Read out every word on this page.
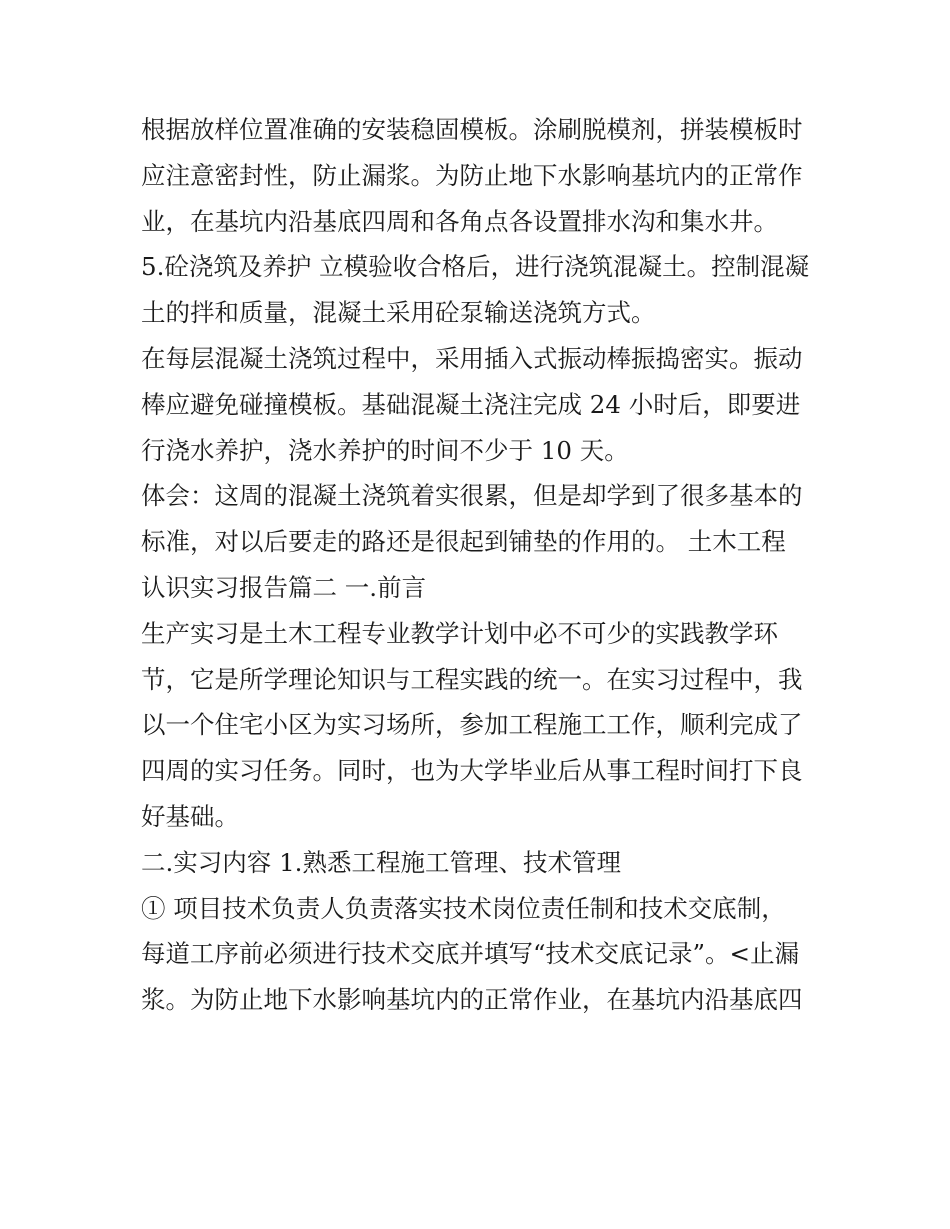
根据放样位置准确的安装稳固模板。涂刷脱模剂，拼装模板时
应注意密封性，防止漏浆。为防止地下水影响基坑内的正常作
业，在基坑内沿基底四周和各角点各设置排水沟和集水井。
5.砼浇筑及养护 立模验收合格后，进行浇筑混凝土。控制混凝
土的拌和质量，混凝土采用砼泵输送浇筑方式。
在每层混凝土浇筑过程中，采用插入式振动棒振捣密实。振动
棒应避免碰撞模板。基础混凝土浇注完成 24 小时后，即要进
行浇水养护，浇水养护的时间不少于 10 天。
体会：这周的混凝土浇筑着实很累，但是却学到了很多基本的
标准，对以后要走的路还是很起到铺垫的作用的。 土木工程
认识实习报告篇二 一.前言
生产实习是土木工程专业教学计划中必不可少的实践教学环
节，它是所学理论知识与工程实践的统一。在实习过程中，我
以一个住宅小区为实习场所，参加工程施工工作，顺利完成了
四周的实习任务。同时，也为大学毕业后从事工程时间打下良
好基础。
二.实习内容 1.熟悉工程施工管理、技术管理
① 项目技术负责人负责落实技术岗位责任制和技术交底制，
每道工序前必须进行技术交底并填写“技术交底记录”。<止漏
浆。为防止地下水影响基坑内的正常作业，在基坑内沿基底四
